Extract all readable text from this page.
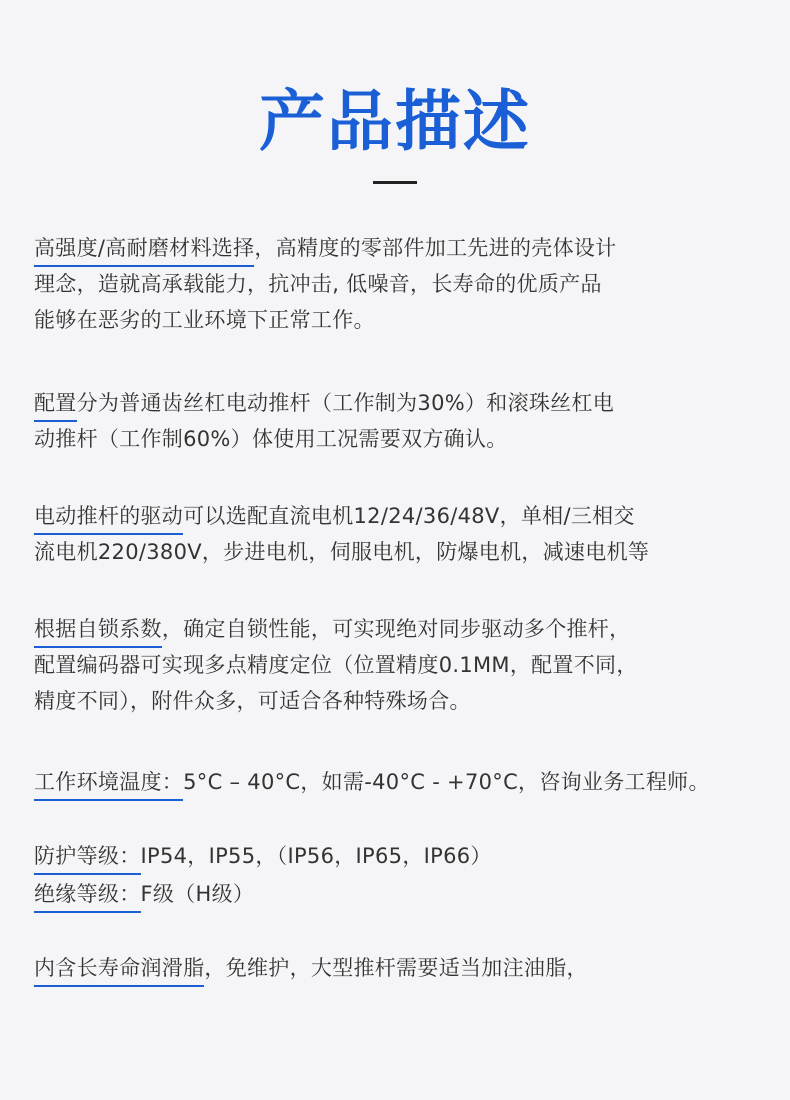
产品描述
高强度/高耐磨材料选择，高精度的零部件加工先进的壳体设计
理念，造就高承载能力，抗冲击, 低噪音，长寿命的优质产品
能够在恶劣的工业环境下正常工作。
配置分为普通齿丝杠电动推杆（工作制为30%）和滚珠丝杠电
动推杆（工作制60%）体使用工况需要双方确认。
电动推杆的驱动可以选配直流电机12/24/36/48V，单相/三相交
流电机220/380V，步进电机，伺服电机，防爆电机，减速电机等
根据自锁系数，确定自锁性能，可实现绝对同步驱动多个推杆，
配置编码器可实现多点精度定位（位置精度0.1MM，配置不同，
精度不同），附件众多，可适合各种特殊场合。
工作环境温度：5°C – 40°C，如需-40°C - +70°C，咨询业务工程师。
防护等级：IP54，IP55，（IP56，IP65，IP66）
绝缘等级：F级（H级）
内含长寿命润滑脂，免维护，大型推杆需要适当加注油脂，
